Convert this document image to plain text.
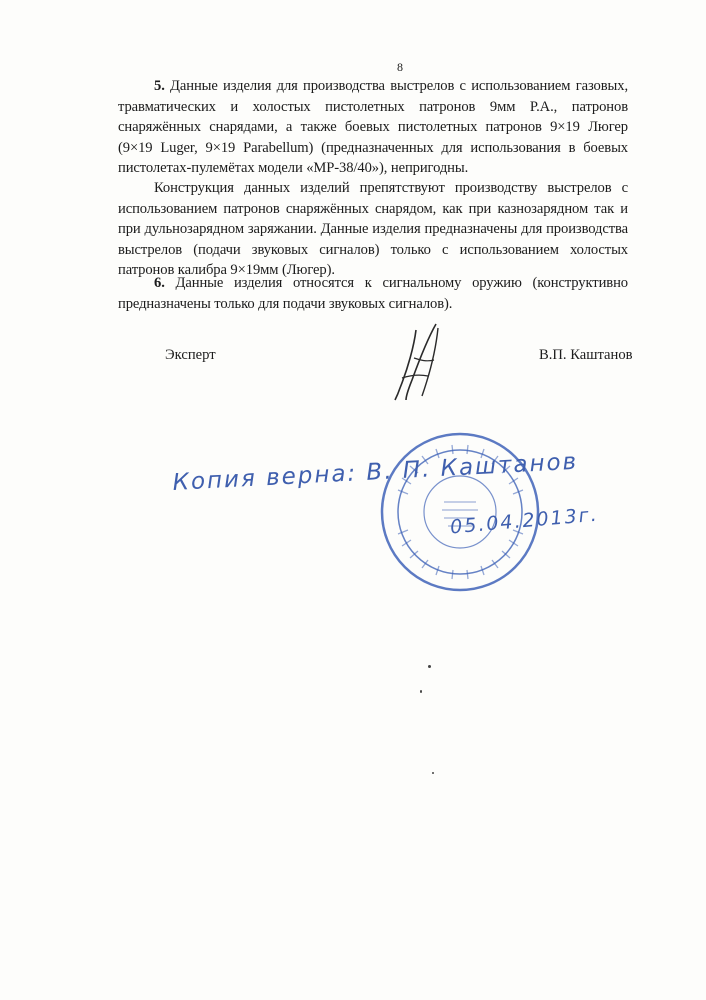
8

5. Данные изделия для производства выстрелов с использованием газовых, травматических и холостых пистолетных патронов 9мм Р.А., патронов снаряжённых снарядами, а также боевых пистолетных патронов 9×19 Люгер (9×19 Luger, 9×19 Parabellum) (предназначенных для использования в боевых пистолетах-пулемётах модели «МР-38/40»), непригодны.

Конструкция данных изделий препятствуют производству выстрелов с использованием патронов снаряжённых снарядом, как при казнозарядном так и при дульнозарядном заряжании. Данные изделия предназначены для производства выстрелов (подачи звуковых сигналов) только с использованием холостых патронов калибра 9×19мм (Люгер).

6. Данные изделия относятся к сигнальному оружию (конструктивно предназначены только для подачи звуковых сигналов).

Эксперт	В.П. Каштанов
Копия верна: В. П. Каштанов
05.04.2013г.
